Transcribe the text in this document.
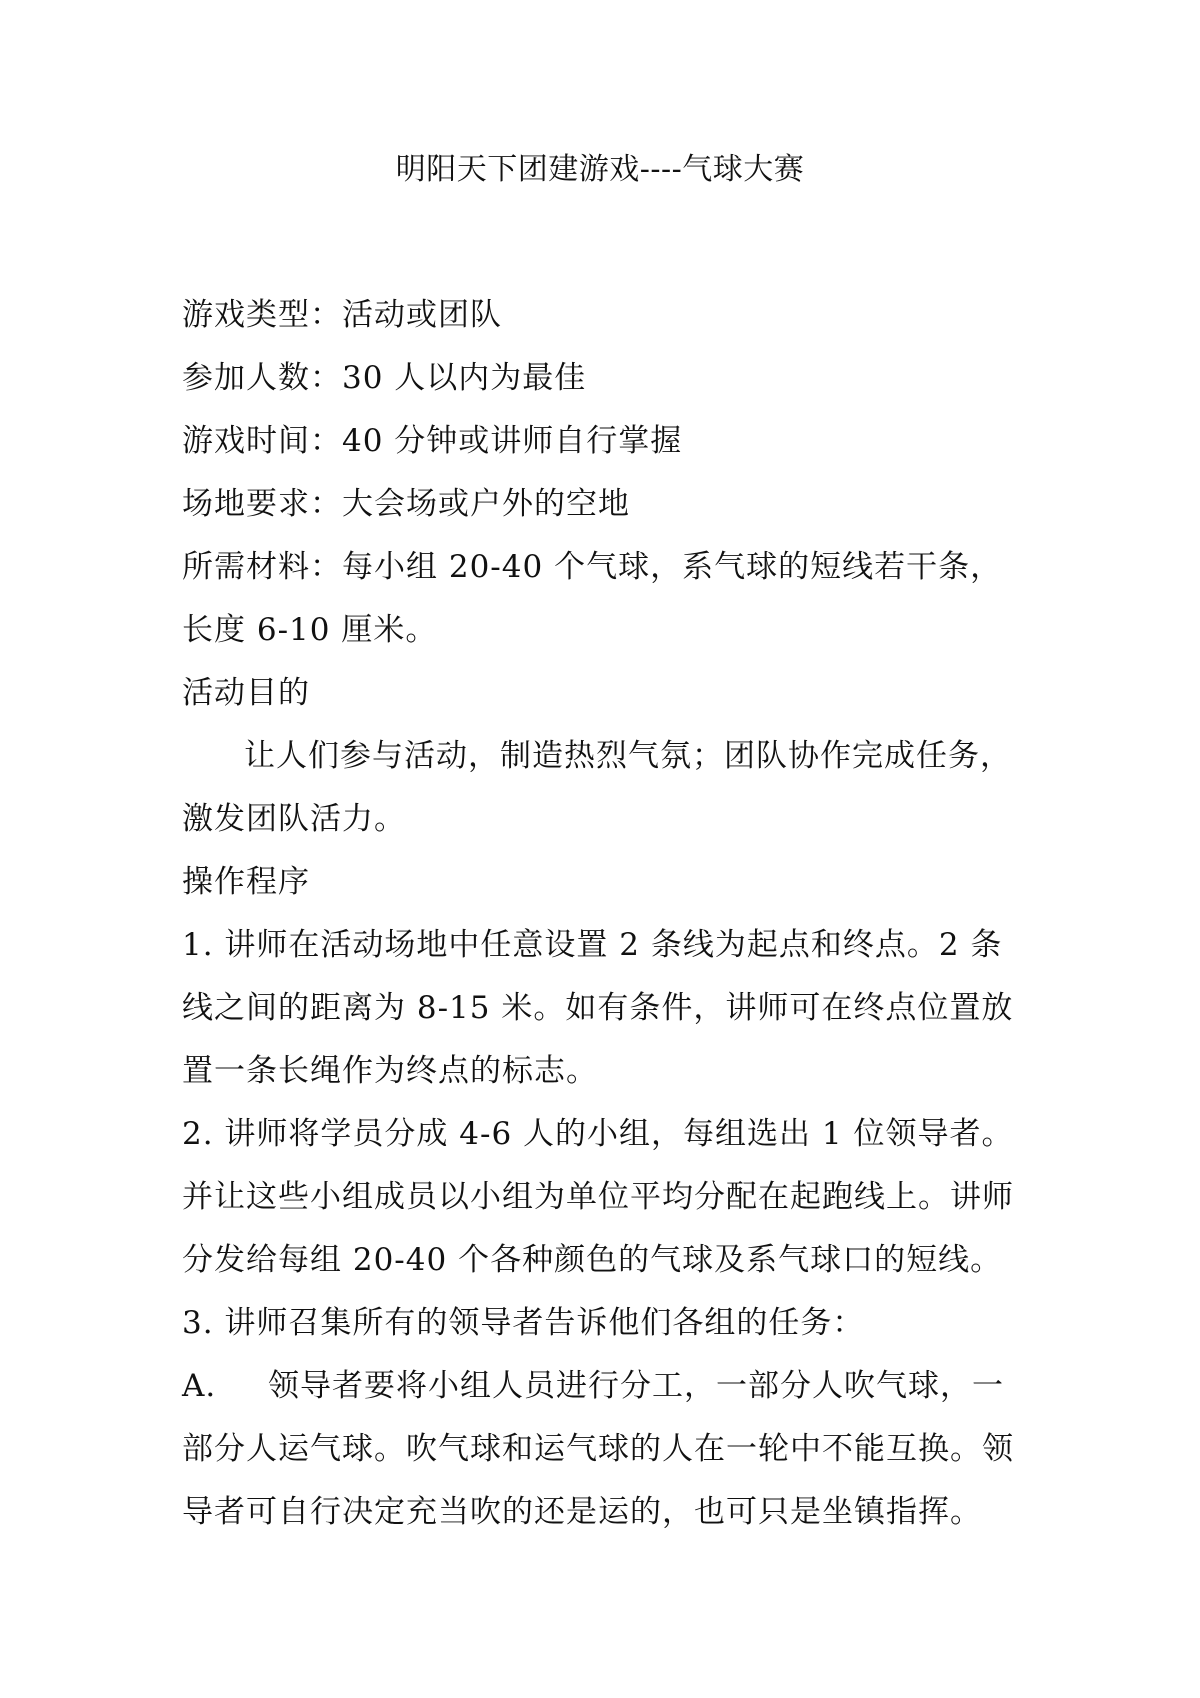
明阳天下团建游戏----气球大赛

游戏类型：活动或团队

参加人数：30 人以内为最佳

游戏时间：40 分钟或讲师自行掌握

场地要求：大会场或户外的空地

所需材料：每小组 20-40 个气球，系气球的短线若干条，长度 6-10 厘米。

活动目的

让人们参与活动，制造热烈气氛；团队协作完成任务，激发团队活力。

操作程序

1. 讲师在活动场地中任意设置 2 条线为起点和终点。2 条线之间的距离为 8-15 米。如有条件，讲师可在终点位置放置一条长绳作为终点的标志。

2. 讲师将学员分成 4-6 人的小组，每组选出 1 位领导者。并让这些小组成员以小组为单位平均分配在起跑线上。讲师分发给每组 20-40 个各种颜色的气球及系气球口的短线。

3. 讲师召集所有的领导者告诉他们各组的任务：

A. 领导者要将小组人员进行分工，一部分人吹气球，一部分人运气球。吹气球和运气球的人在一轮中不能互换。领导者可自行决定充当吹的还是运的，也可只是坐镇指挥。
